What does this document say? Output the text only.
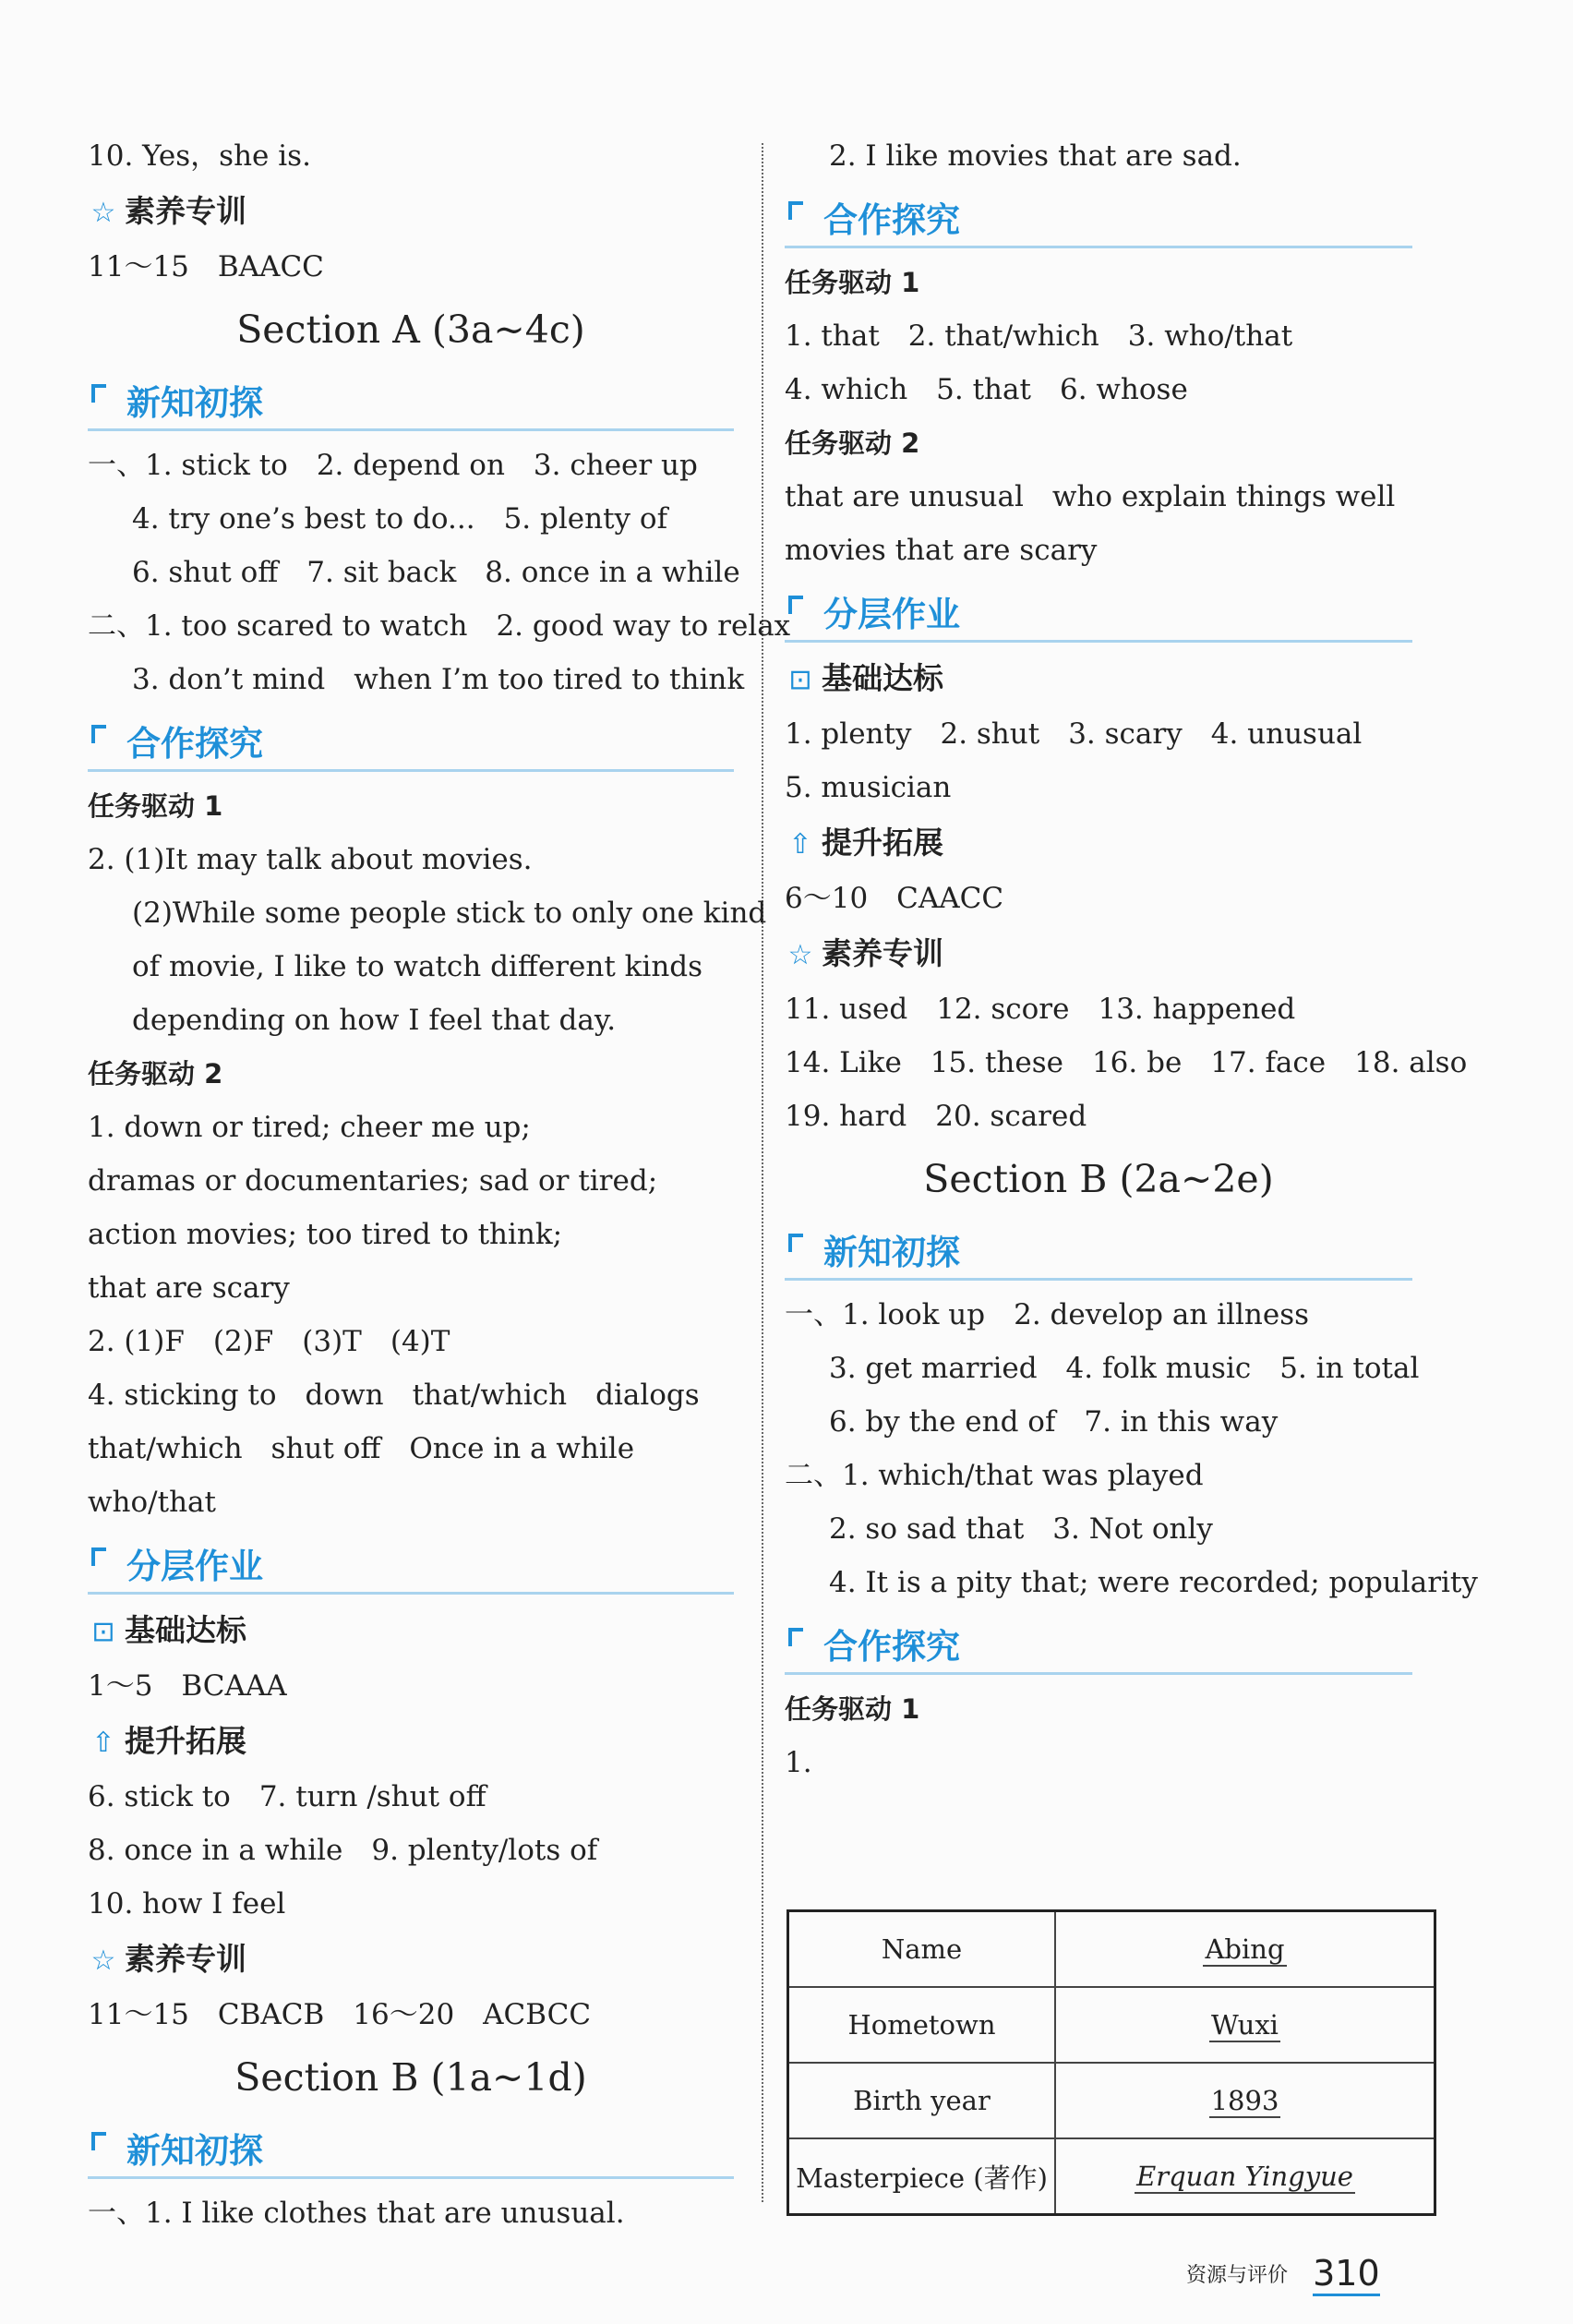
10. Yes，she is.
☆ 素养专训
11～15　BAACC
Section A (3a~4c)
新知初探
一、1. stick to　2. depend on　3. cheer up
4. try one’s best to do...　5. plenty of
6. shut off　7. sit back　8. once in a while
二、1. too scared to watch　2. good way to relax
3. don’t mind　when I’m too tired to think
合作探究
任务驱动 1
2. (1)It may talk about movies.
(2)While some people stick to only one kind
of movie, I like to watch different kinds
depending on how I feel that day.
任务驱动 2
1. down or tired; cheer me up;
dramas or documentaries; sad or tired;
action movies; too tired to think;
that are scary
2. (1)F　(2)F　(3)T　(4)T
4. sticking to　down　that/which　dialogs
that/which　shut off　Once in a while
who/that
分层作业
⊡ 基础达标
1～5　BCAAA
⇧ 提升拓展
6. stick to　7. turn /shut off
8. once in a while　9. plenty/lots of
10. how I feel
☆ 素养专训
11～15　CBACB　16～20　ACBCC
Section B (1a~1d)
新知初探
一、1. I like clothes that are unusual.
2. I like movies that are sad.
合作探究
任务驱动 1
1. that　2. that/which　3. who/that
4. which　5. that　6. whose
任务驱动 2
that are unusual　who explain things well
movies that are scary
分层作业
⊡ 基础达标
1. plenty　2. shut　3. scary　4. unusual
5. musician
⇧ 提升拓展
6～10　CAACC
☆ 素养专训
11. used　12. score　13. happened
14. Like　15. these　16. be　17. face　18. also
19. hard　20. scared
Section B (2a~2e)
新知初探
一、1. look up　2. develop an illness
3. get married　4. folk music　5. in total
6. by the end of　7. in this way
二、1. which/that was played
2. so sad that　3. Not only
4. It is a pity that; were recorded; popularity
合作探究
任务驱动 1
1.
Name	Abing
Hometown	Wuxi
Birth year	1893
Masterpiece (著作)	Erquan Yingyue
资源与评价 310
